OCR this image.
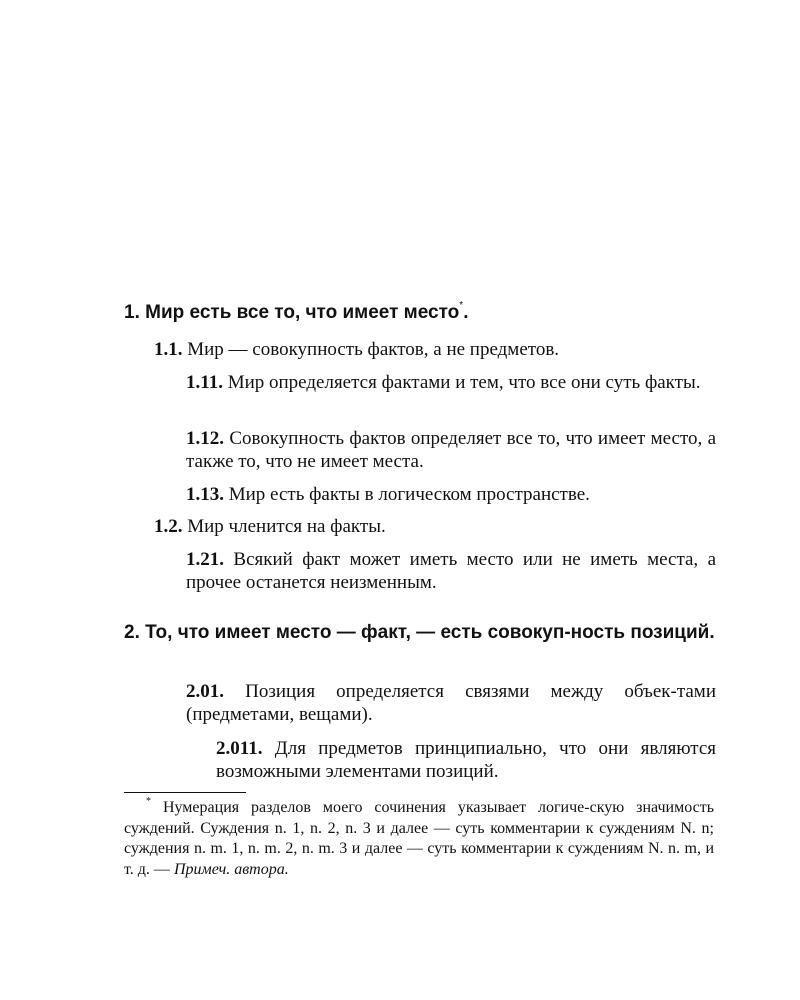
1. Мир есть все то, что имеет место*.

1.1. Мир — совокупность фактов, а не предметов.

1.11. Мир определяется фактами и тем, что все они суть факты.

1.12. Совокупность фактов определяет все то, что имеет место, а также то, что не имеет места.

1.13. Мир есть факты в логическом пространстве.

1.2. Мир членится на факты.

1.21. Всякий факт может иметь место или не иметь места, а прочее останется неизменным.

2. То, что имеет место — факт, — есть совокуп-ность позиций.

2.01. Позиция определяется связями между объек-тами (предметами, вещами).

2.011. Для предметов принципиально, что они являются возможными элементами позиций.

* Нумерация разделов моего сочинения указывает логиче-скую значимость суждений. Суждения n. 1, n. 2, n. 3 и далее — суть комментарии к суждениям N. n; суждения n. m. 1, n. m. 2, n. m. 3 и далее — суть комментарии к суждениям N. n. m, и т. д. — Примеч. автора.
